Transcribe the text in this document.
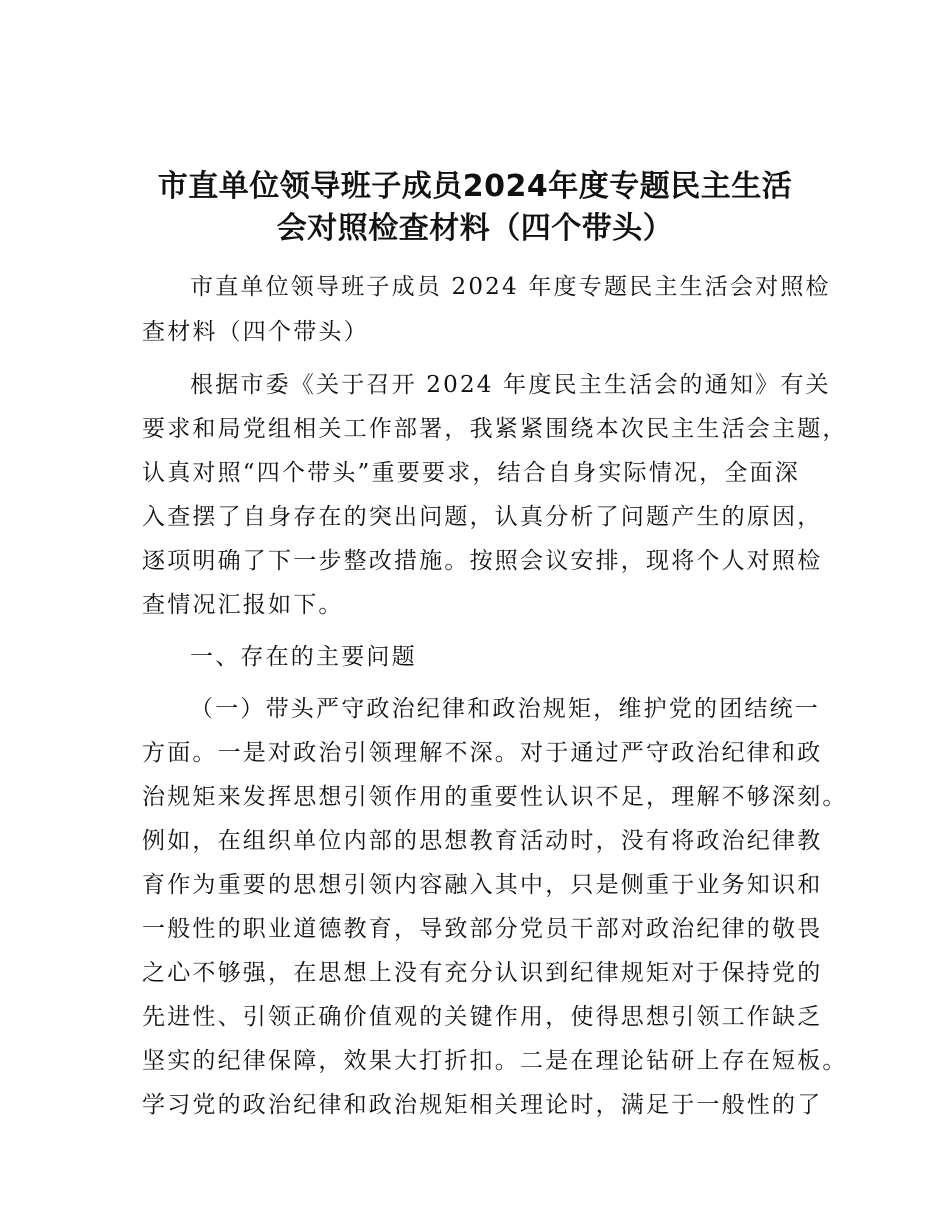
市直单位领导班子成员2024年度专题民主生活
会对照检查材料（四个带头）
市直单位领导班子成员 2024 年度专题民主生活会对照检
查材料（四个带头）
根据市委《关于召开 2024 年度民主生活会的通知》有关
要求和局党组相关工作部署，我紧紧围绕本次民主生活会主题，
认真对照“四个带头”重要要求，结合自身实际情况，全面深
入查摆了自身存在的突出问题，认真分析了问题产生的原因，
逐项明确了下一步整改措施。按照会议安排，现将个人对照检
查情况汇报如下。
一、存在的主要问题
（一）带头严守政治纪律和政治规矩，维护党的团结统一
方面。一是对政治引领理解不深。对于通过严守政治纪律和政
治规矩来发挥思想引领作用的重要性认识不足，理解不够深刻。
例如，在组织单位内部的思想教育活动时，没有将政治纪律教
育作为重要的思想引领内容融入其中，只是侧重于业务知识和
一般性的职业道德教育，导致部分党员干部对政治纪律的敬畏
之心不够强，在思想上没有充分认识到纪律规矩对于保持党的
先进性、引领正确价值观的关键作用，使得思想引领工作缺乏
坚实的纪律保障，效果大打折扣。二是在理论钻研上存在短板。
学习党的政治纪律和政治规矩相关理论时，满足于一般性的了
